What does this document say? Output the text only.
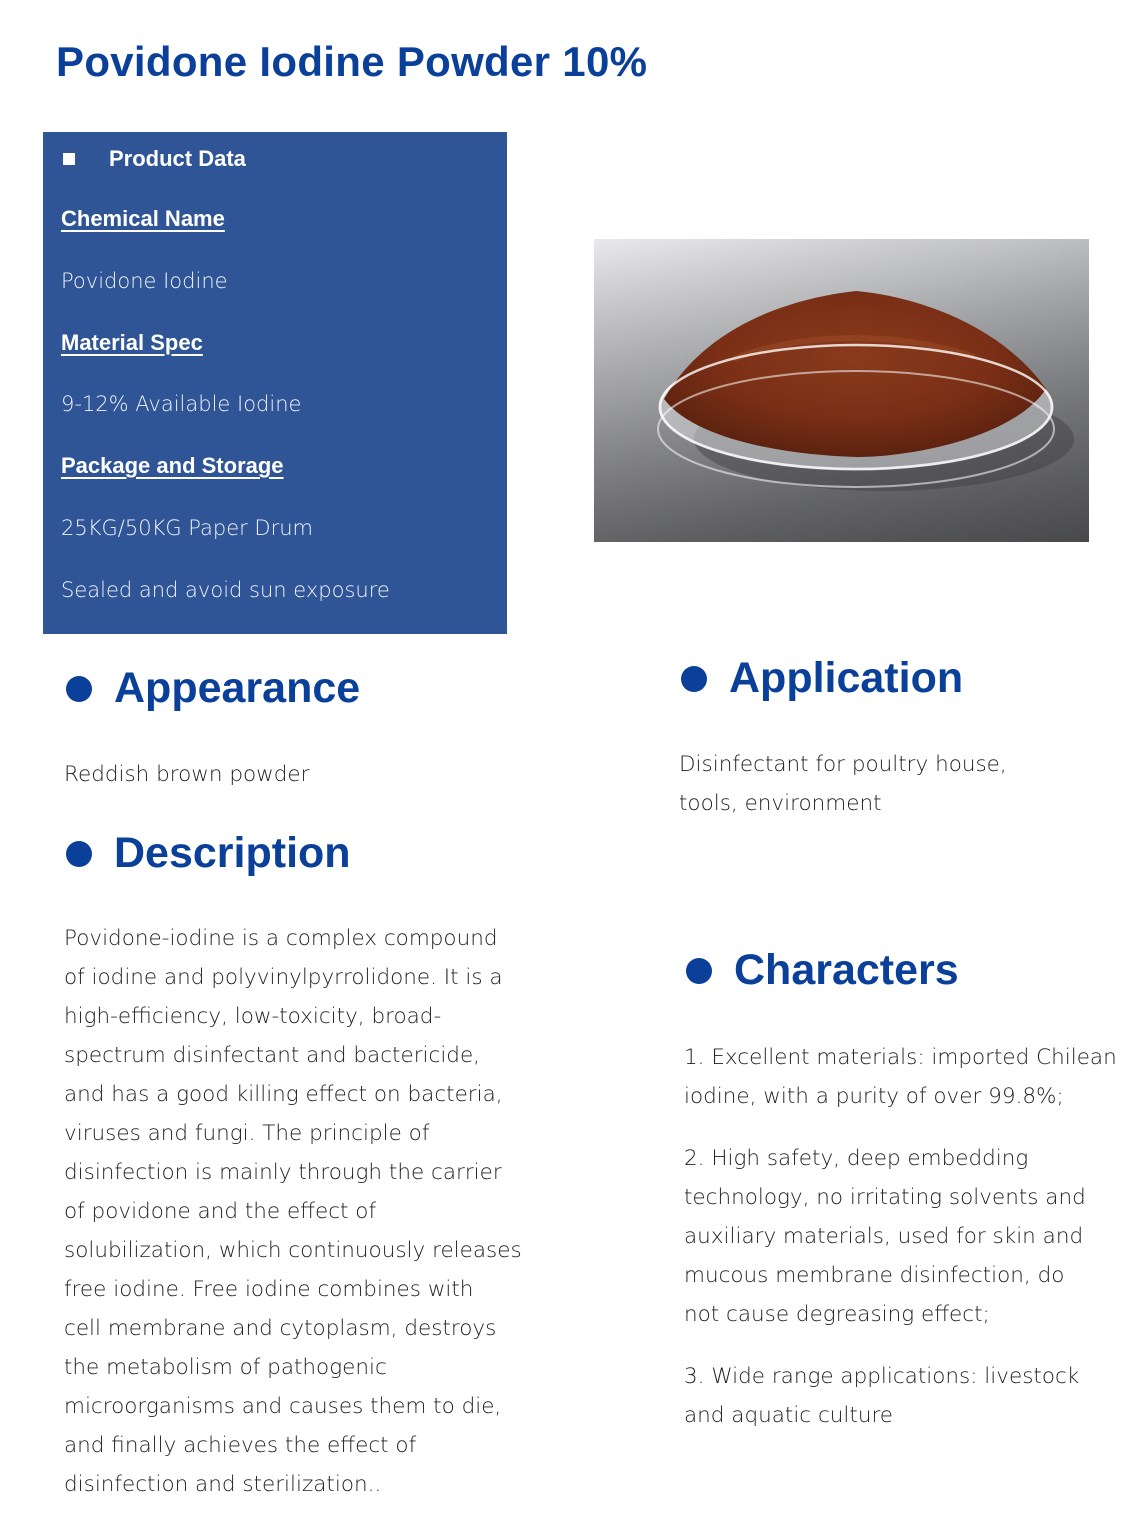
Povidone Iodine Powder 10%
Product Data
Chemical Name
Povidone Iodine
Material Spec
9-12% Available Iodine
Package and Storage
25KG/50KG Paper Drum
Sealed and avoid sun exposure
Appearance

Reddish brown powder

Description
Povidone-iodine is a complex compound
of iodine and polyvinylpyrrolidone. It is a
high-efficiency, low-toxicity, broad-
spectrum disinfectant and bactericide,
and has a good killing effect on bacteria,
viruses and fungi. The principle of
disinfection is mainly through the carrier
of povidone and the effect of
solubilization, which continuously releases
free iodine. Free iodine combines with
cell membrane and cytoplasm, destroys
the metabolism of pathogenic
microorganisms and causes them to die,
and finally achieves the effect of
disinfection and sterilization..
Application
Disinfectant for poultry house,
tools, environment
Characters
1. Excellent materials: imported Chilean
iodine, with a purity of over 99.8%;
2. High safety, deep embedding
technology, no irritating solvents and
auxiliary materials, used for skin and
mucous membrane disinfection, do
not cause degreasing effect;
3. Wide range applications: livestock
and aquatic culture
